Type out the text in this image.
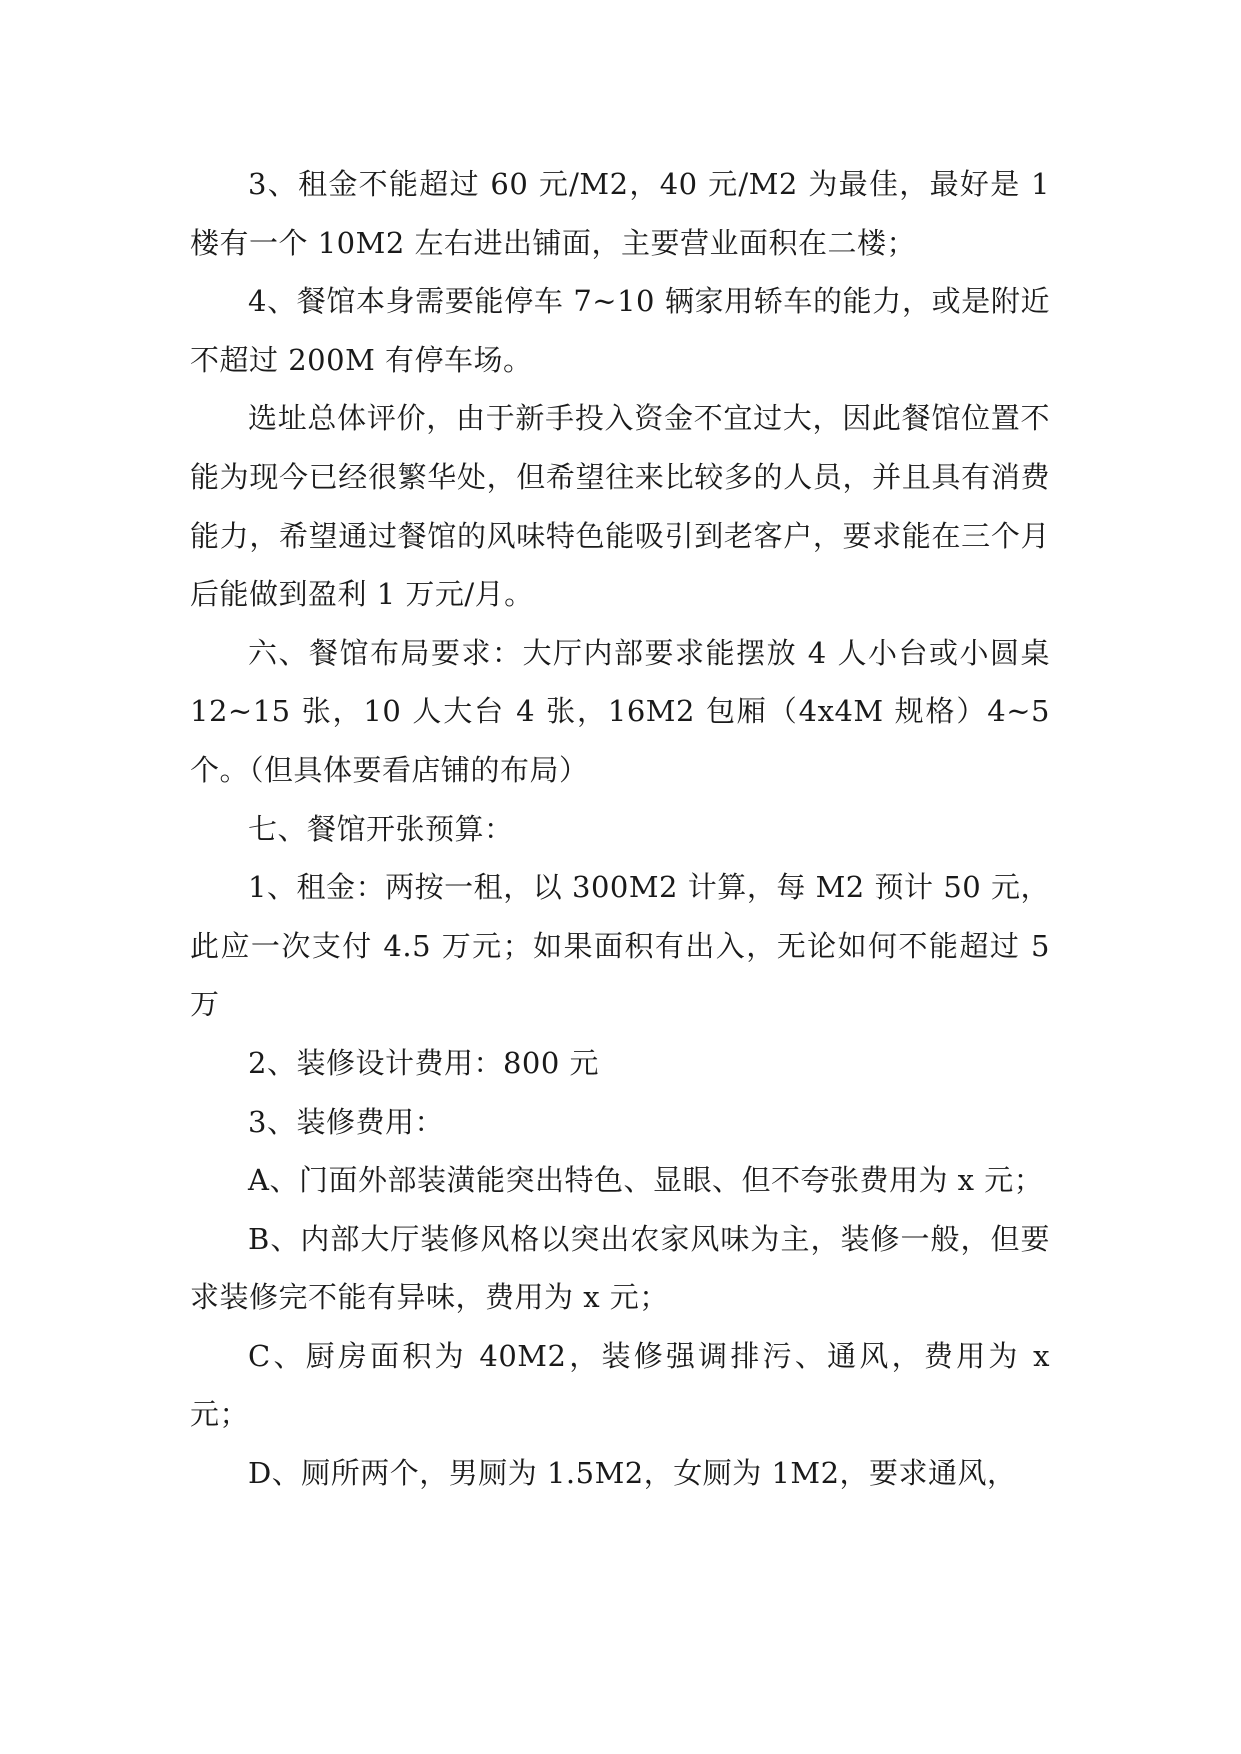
3、租金不能超过 60 元/M2，40 元/M2 为最佳，最好是 1 楼有一个 10M2 左右进出铺面，主要营业面积在二楼；

4、餐馆本身需要能停车 7~10 辆家用轿车的能力，或是附近不超过 200M 有停车场。

选址总体评价，由于新手投入资金不宜过大，因此餐馆位置不能为现今已经很繁华处，但希望往来比较多的人员，并且具有消费能力，希望通过餐馆的风味特色能吸引到老客户，要求能在三个月后能做到盈利 1 万元/月。

六、餐馆布局要求：大厅内部要求能摆放 4 人小台或小圆桌 12~15 张，10 人大台 4 张，16M2 包厢（4x4M 规格）4~5 个。（但具体要看店铺的布局）

七、餐馆开张预算：

1、租金：两按一租，以 300M2 计算，每 M2 预计 50 元，此应一次支付 4.5 万元；如果面积有出入，无论如何不能超过 5 万

2、装修设计费用：800 元

3、装修费用：

A、门面外部装潢能突出特色、显眼、但不夸张费用为 x 元；

B、内部大厅装修风格以突出农家风味为主，装修一般，但要求装修完不能有异味，费用为 x 元；

C、厨房面积为 40M2，装修强调排污、通风，费用为 x 元；

D、厕所两个，男厕为 1.5M2，女厕为 1M2，要求通风，
